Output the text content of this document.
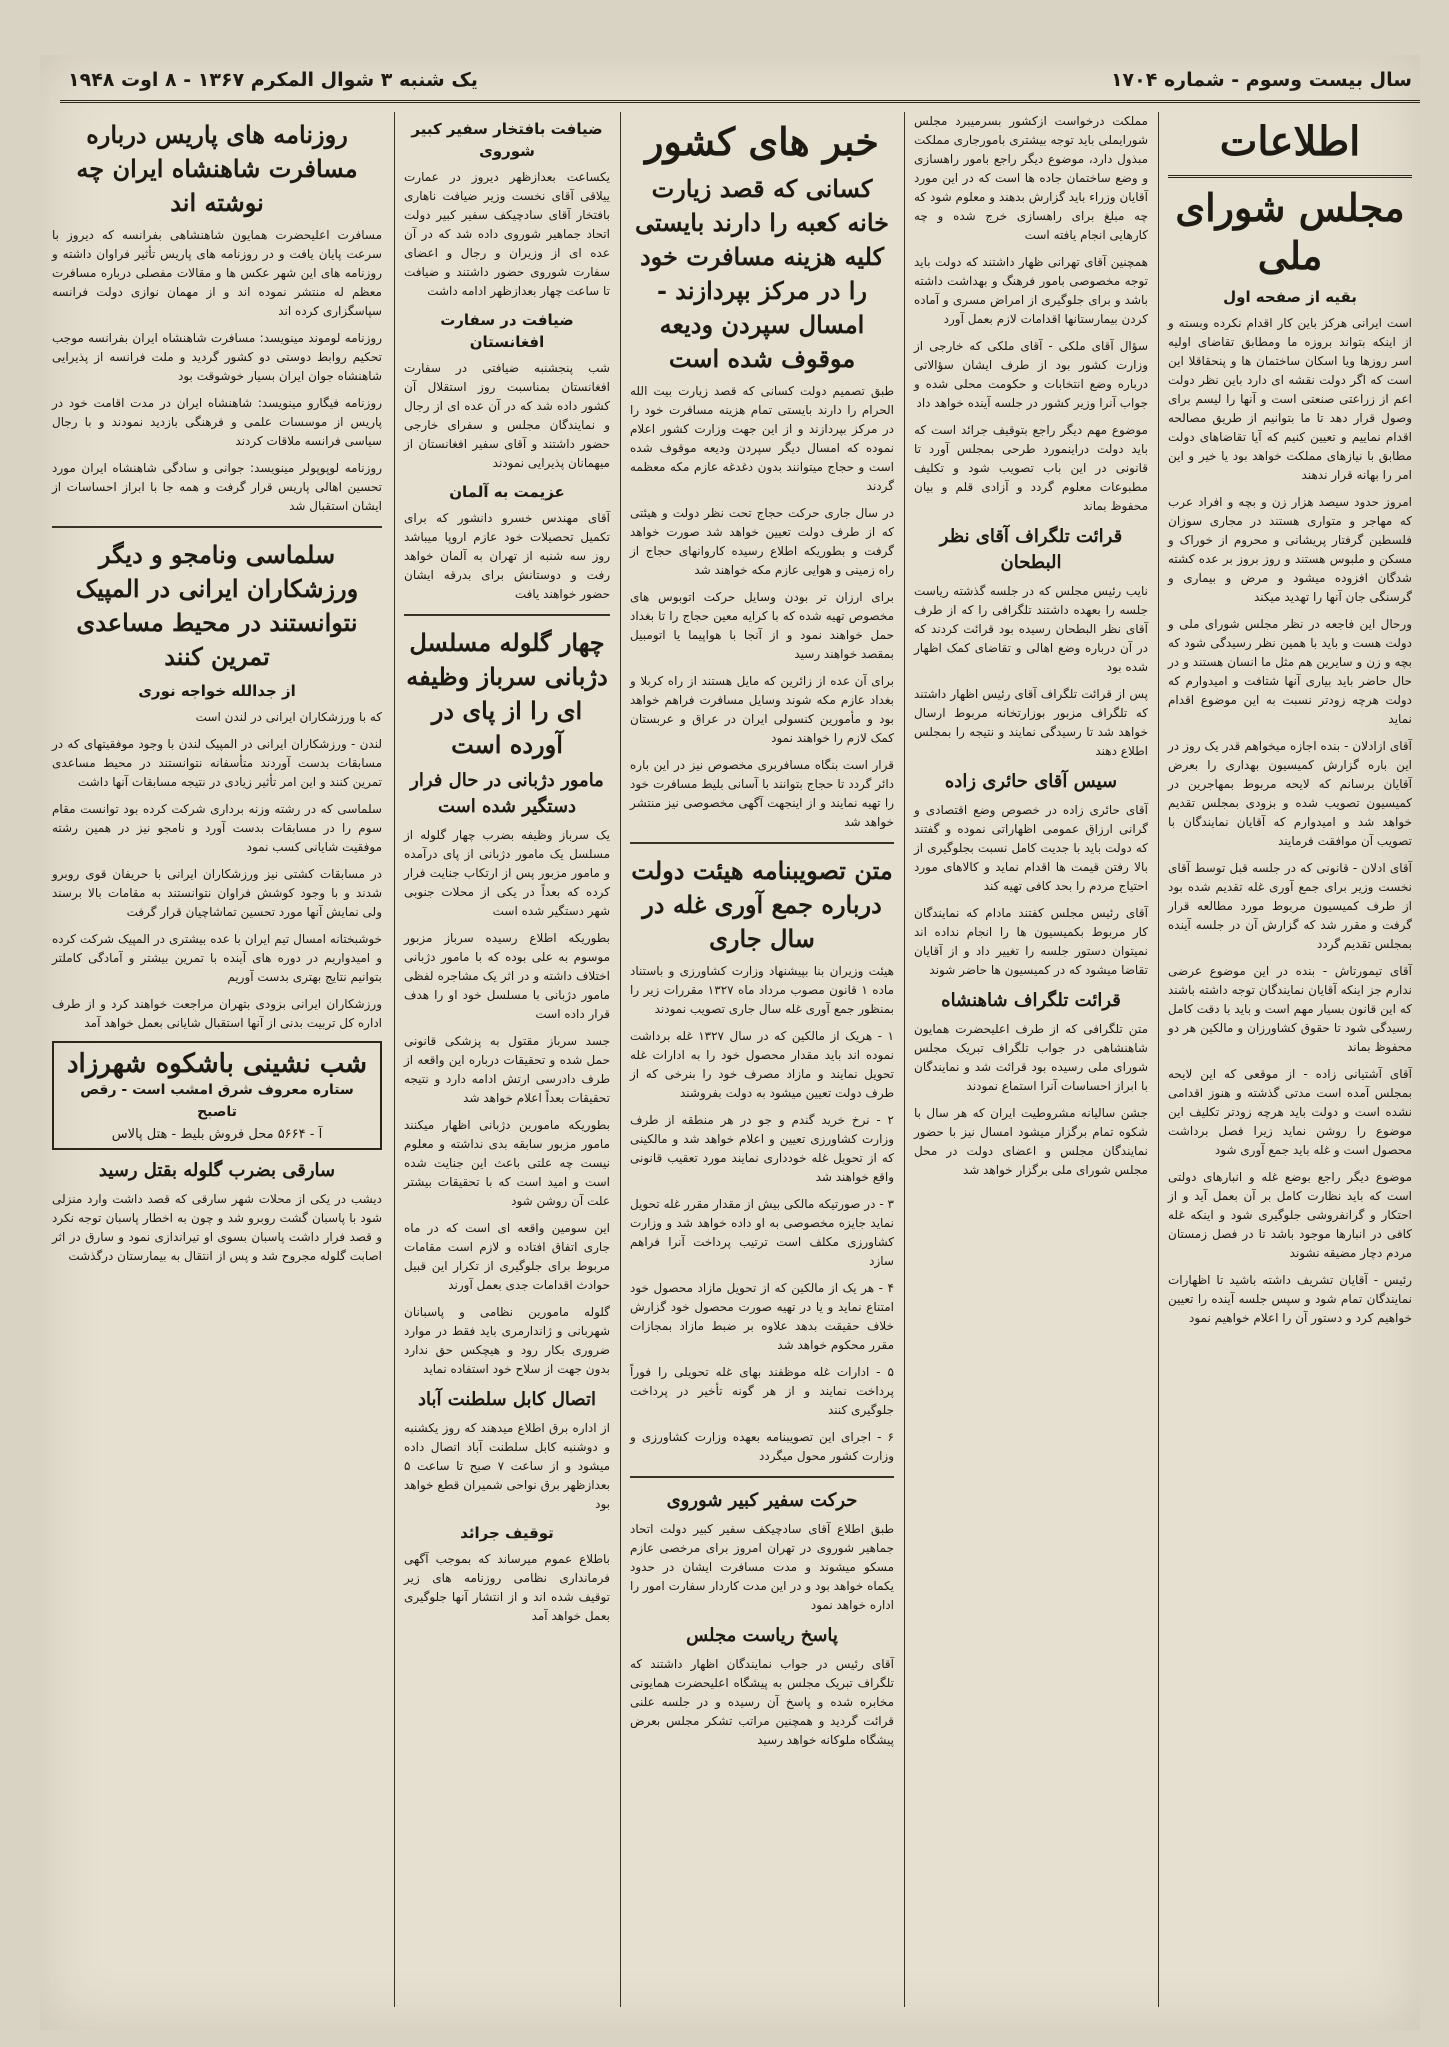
سال بیست وسوم - شماره ۱۷۰۴
یک شنبه ۳ شوال المکرم ۱۳۶۷ - ۸ اوت ۱۹۴۸
اطلاعات
مجلس شورای ملی
بقیه از صفحه اول

است ایرانی هرکز باین کار اقدام نکرده وبسته و از اینکه بتواند بروزه ما ومطابق تقاضای اولیه اسر روزها ویا اسکان ساختمان ها و پنحقاقلا این است که اگر دولت نقشه ای دارد باین نظر دولت اعم از زراعتی صنعتی است و آنها را لیسم برای وصول قرار دهد تا ما بتوانیم از طریق مصالحه اقدام نماییم و تعیین کنیم که آیا تقاضاهای دولت مطابق با نیازهای مملکت خواهد بود یا خیر و این امر را بهانه قرار ندهند

امروز حدود سیصد هزار زن و بچه و افراد عرب که مهاجر و متواری هستند در مجاری سوزان فلسطین گرفتار پریشانی و محروم از خوراک و مسکن و ملبوس هستند و روز بروز بر عده کشته شدگان افزوده میشود و مرض و بیماری و گرسنگی جان آنها را تهدید میکند

ورحال این فاجعه در نظر مجلس شورای ملی و دولت هست و باید با همین نظر رسیدگی شود که بچه و زن و سایرین هم مثل ما انسان هستند و در حال حاضر باید بیاری آنها شتافت و امیدوارم که دولت هرچه زودتر نسبت به این موضوع اقدام نماید

آقای ازادلان - بنده اجازه میخواهم قدر یک روز در این باره گزارش کمیسیون بهداری را بعرض آقایان برسانم که لایحه مربوط بمهاجرین در کمیسیون تصویب شده و بزودی بمجلس تقدیم خواهد شد و امیدوارم که آقایان نمایندگان با تصویب آن موافقت فرمایند

آقای ادلان - قانونی که در جلسه قبل توسط آقای نخست وزیر برای جمع آوری غله تقدیم شده بود از طرف کمیسیون مربوط مورد مطالعه قرار گرفت و مقرر شد که گزارش آن در جلسه آینده بمجلس تقدیم گردد

آقای تیمورتاش - بنده در این موضوع عرضی ندارم جز اینکه آقایان نمایندگان توجه داشته باشند که این قانون بسیار مهم است و باید با دقت کامل رسیدگی شود تا حقوق کشاورزان و مالکین هر دو محفوظ بماند

آقای آشتیانی زاده - از موقعی که این لایحه بمجلس آمده است مدتی گذشته و هنوز اقدامی نشده است و دولت باید هرچه زودتر تکلیف این موضوع را روشن نماید زیرا فصل برداشت محصول است و غله باید جمع آوری شود

موضوع دیگر راجع بوضع غله و انبارهای دولتی است که باید نظارت کامل بر آن بعمل آید و از احتکار و گرانفروشی جلوگیری شود و اینکه غله کافی در انبارها موجود باشد تا در فصل زمستان مردم دچار مضیقه نشوند

رئیس - آقایان تشریف داشته باشید تا اظهارات نمایندگان تمام شود و سپس جلسه آینده را تعیین خواهیم کرد و دستور آن را اعلام خواهیم نمود

مملکت درخواست ازکشور بسرمیبرد مجلس شورایملی باید توجه بیشتری بامورجاری مملکت مبذول دارد، موضوع دیگر راجع بامور راهسازی و وضع ساختمان جاده ها است که در این مورد آقایان وزراء باید گزارش بدهند و معلوم شود که چه مبلغ برای راهسازی خرج شده و چه کارهایی انجام یافته است

همچنین آقای تهرانی ظهار داشتند که دولت باید توجه مخصوصی بامور فرهنگ و بهداشت داشته باشد و برای جلوگیری از امراض مسری و آماده کردن بیمارستانها اقدامات لازم بعمل آورد

سؤال آقای ملکی - آقای ملکی که خارجی از وزارت کشور بود از طرف ایشان سؤالاتی درباره وضع انتخابات و حکومت محلی شده و جواب آنرا وزیر کشور در جلسه آینده خواهد داد

موضوع مهم دیگر راجع بتوقیف جرائد است که باید دولت دراینمورد طرحی بمجلس آورد تا قانونی در این باب تصویب شود و تکلیف مطبوعات معلوم گردد و آزادی قلم و بیان محفوظ بماند

قرائت تلگراف آقای نظر البطحان

نایب رئیس مجلس که در جلسه گذشته ریاست جلسه را بعهده داشتند تلگرافی را که از طرف آقای نظر البطحان رسیده بود قرائت کردند که در آن درباره وضع اهالی و تقاضای کمک اظهار شده بود

پس از قرائت تلگراف آقای رئیس اظهار داشتند که تلگراف مزبور بوزارتخانه مربوط ارسال خواهد شد تا رسیدگی نمایند و نتیجه را بمجلس اطلاع دهند

سیس آقای حائری زاده

آقای حائری زاده در خصوص وضع اقتصادی و گرانی ارزاق عمومی اظهاراتی نموده و گفتند که دولت باید با جدیت کامل نسبت بجلوگیری از بالا رفتن قیمت ها اقدام نماید و کالاهای مورد احتیاج مردم را بحد کافی تهیه کند

آقای رئیس مجلس کفتند مادام که نمایندگان کار مربوط بکمیسیون ها را انجام نداده اند نمیتوان دستور جلسه را تغییر داد و از آقایان تقاضا میشود که در کمیسیون ها حاضر شوند

قرائت تلگراف شاهنشاه

متن تلگرافی که از طرف اعلیحضرت همایون شاهنشاهی در جواب تلگراف تبریک مجلس شورای ملی رسیده بود قرائت شد و نمایندگان با ابراز احساسات آنرا استماع نمودند

جشن سالیانه مشروطیت ایران که هر سال با شکوه تمام برگزار میشود امسال نیز با حضور نمایندگان مجلس و اعضای دولت در محل مجلس شورای ملی برگزار خواهد شد

خبر های کشور
کسانی که قصد زیارت خانه کعبه را دارند بایستی کلیه هزینه مسافرت خود را در مرکز بپردازند - امسال سپردن ودیعه موقوف شده است

طبق تصمیم دولت کسانی که قصد زیارت بیت الله الحرام را دارند بایستی تمام هزینه مسافرت خود را در مرکز بپردازند و از این جهت وزارت کشور اعلام نموده که امسال دیگر سپردن ودیعه موقوف شده است و حجاج میتوانند بدون دغدغه عازم مکه معظمه گردند

در سال جاری حرکت حجاج تحت نظر دولت و هیئتی که از طرف دولت تعیین خواهد شد صورت خواهد گرفت و بطوریکه اطلاع رسیده کاروانهای حجاج از راه زمینی و هوایی عازم مکه خواهند شد

برای ارزان تر بودن وسایل حرکت اتوبوس های مخصوص تهیه شده که با کرایه معین حجاج را تا بغداد حمل خواهند نمود و از آنجا با هواپیما یا اتومبیل بمقصد خواهند رسید

برای آن عده از زائرین که مایل هستند از راه کربلا و بغداد عازم مکه شوند وسایل مسافرت فراهم خواهد بود و مأمورین کنسولی ایران در عراق و عربستان کمک لازم را خواهند نمود

قرار است بنگاه مسافربری مخصوص نیز در این باره دائر گردد تا حجاج بتوانند با آسانی بلیط مسافرت خود را تهیه نمایند و از اینجهت آگهی مخصوصی نیز منتشر خواهد شد

متن تصویبنامه هیئت دولت درباره جمع آوری غله در سال جاری

هیئت وزیران بنا بپیشنهاد وزارت کشاورزی و باستناد ماده ۱ قانون مصوب مرداد ماه ۱۳۲۷ مقررات زیر را بمنظور جمع آوری غله سال جاری تصویب نمودند

۱ - هریک از مالکین که در سال ۱۳۲۷ غله برداشت نموده اند باید مقدار محصول خود را به ادارات غله تحویل نمایند و مازاد مصرف خود را بنرخی که از طرف دولت تعیین میشود به دولت بفروشند

۲ - نرخ خرید گندم و جو در هر منطقه از طرف وزارت کشاورزی تعیین و اعلام خواهد شد و مالکینی که از تحویل غله خودداری نمایند مورد تعقیب قانونی واقع خواهند شد

۳ - در صورتیکه مالکی بیش از مقدار مقرر غله تحویل نماید جایزه مخصوصی به او داده خواهد شد و وزارت کشاورزی مکلف است ترتیب پرداخت آنرا فراهم سازد

۴ - هر یک از مالکین که از تحویل مازاد محصول خود امتناع نماید و یا در تهیه صورت محصول خود گزارش خلاف حقیقت بدهد علاوه بر ضبط مازاد بمجازات مقرر محکوم خواهد شد

۵ - ادارات غله موظفند بهای غله تحویلی را فوراً پرداخت نمایند و از هر گونه تأخیر در پرداخت جلوگیری کنند

۶ - اجرای این تصویبنامه بعهده وزارت کشاورزی و وزارت کشور محول میگردد

حرکت سفیر کبیر شوروی

طبق اطلاع آقای سادچیکف سفیر کبیر دولت اتحاد جماهیر شوروی در تهران امروز برای مرخصی عازم مسکو میشوند و مدت مسافرت ایشان در حدود یکماه خواهد بود و در این مدت کاردار سفارت امور را اداره خواهد نمود

پاسخ ریاست مجلس

آقای رئیس در جواب نمایندگان اظهار داشتند که تلگراف تبریک مجلس به پیشگاه اعلیحضرت همایونی مخابره شده و پاسخ آن رسیده و در جلسه علنی قرائت گردید و همچنین مراتب تشکر مجلس بعرض پیشگاه ملوکانه خواهد رسید

ضیافت بافتخار سفیر کبیر شوروی

یکساعت بعدازظهر دیروز در عمارت ییلاقی آقای نخست وزیر ضیافت ناهاری بافتخار آقای سادچیکف سفیر کبیر دولت اتحاد جماهیر شوروی داده شد که در آن عده ای از وزیران و رجال و اعضای سفارت شوروی حضور داشتند و ضیافت تا ساعت چهار بعدازظهر ادامه داشت

ضیافت در سفارت افغانستان

شب پنجشنبه ضیافتی در سفارت افغانستان بمناسبت روز استقلال آن کشور داده شد که در آن عده ای از رجال و نمایندگان مجلس و سفرای خارجی حضور داشتند و آقای سفیر افغانستان از میهمانان پذیرایی نمودند

عزیمت به آلمان

آقای مهندس خسرو دانشور که برای تکمیل تحصیلات خود عازم اروپا میباشد روز سه شنبه از تهران به آلمان خواهد رفت و دوستانش برای بدرقه ایشان حضور خواهند یافت

چهار گلوله مسلسل دژبانی سرباز وظیفه ای را از پای در آورده است
مامور دژبانی در حال فرار دستگیر شده است

یک سرباز وظیفه بضرب چهار گلوله از مسلسل یک مامور دژبانی از پای درآمده و مامور مزبور پس از ارتکاب جنایت فرار کرده که بعداً در یکی از محلات جنوبی شهر دستگیر شده است

بطوریکه اطلاع رسیده سرباز مزبور موسوم به علی بوده که با مامور دژبانی اختلاف داشته و در اثر یک مشاجره لفظی مامور دژبانی با مسلسل خود او را هدف قرار داده است

جسد سرباز مقتول به پزشکی قانونی حمل شده و تحقیقات درباره این واقعه از طرف دادرسی ارتش ادامه دارد و نتیجه تحقیقات بعداً اعلام خواهد شد

بطوریکه مامورین دژبانی اظهار میکنند مامور مزبور سابقه بدی نداشته و معلوم نیست چه علتی باعث این جنایت شده است و امید است که با تحقیقات بیشتر علت آن روشن شود

این سومین واقعه ای است که در ماه جاری اتفاق افتاده و لازم است مقامات مربوط برای جلوگیری از تکرار این قبیل حوادث اقدامات جدی بعمل آورند

گلوله مامورین نظامی و پاسبانان شهربانی و ژاندارمری باید فقط در موارد ضروری بکار رود و هیچکس حق ندارد بدون جهت از سلاح خود استفاده نماید

اتصال کابل سلطنت آباد

از اداره برق اطلاع میدهند که روز یکشنبه و دوشنبه کابل سلطنت آباد اتصال داده میشود و از ساعت ۷ صبح تا ساعت ۵ بعدازظهر برق نواحی شمیران قطع خواهد بود

توقیف جرائد

باطلاع عموم میرساند که بموجب آگهی فرمانداری نظامی روزنامه های زیر توقیف شده اند و از انتشار آنها جلوگیری بعمل خواهد آمد

روزنامه های پاریس درباره مسافرت شاهنشاه ایران چه نوشته اند

مسافرت اعلیحضرت همایون شاهنشاهی بفرانسه که دیروز با سرعت پایان یافت و در روزنامه های پاریس تأثیر فراوان داشته و روزنامه های این شهر عکس ها و مقالات مفصلی درباره مسافرت معظم له منتشر نموده اند و از مهمان نوازی دولت فرانسه سپاسگزاری کرده اند

روزنامه لوموند مینویسد: مسافرت شاهنشاه ایران بفرانسه موجب تحکیم روابط دوستی دو کشور گردید و ملت فرانسه از پذیرایی شاهنشاه جوان ایران بسیار خوشوقت بود

روزنامه فیگارو مینویسد: شاهنشاه ایران در مدت اقامت خود در پاریس از موسسات علمی و فرهنگی بازدید نمودند و با رجال سیاسی فرانسه ملاقات کردند

روزنامه لوپوپولر مینویسد: جوانی و سادگی شاهنشاه ایران مورد تحسین اهالی پاریس قرار گرفت و همه جا با ابراز احساسات از ایشان استقبال شد

سلماسی ونامجو و دیگر ورزشکاران ایرانی در المپیک نتوانستند در محیط مساعدی تمرین کنند
از جدالله خواجه نوری

که با ورزشکاران ایرانی در لندن است

لندن - ورزشکاران ایرانی در المپیک لندن با وجود موفقیتهای که در مسابقات بدست آوردند متأسفانه نتوانستند در محیط مساعدی تمرین کنند و این امر تأثیر زیادی در نتیجه مسابقات آنها داشت

سلماسی که در رشته وزنه برداری شرکت کرده بود توانست مقام سوم را در مسابقات بدست آورد و نامجو نیز در همین رشته موفقیت شایانی کسب نمود

در مسابقات کشتی نیز ورزشکاران ایرانی با حریفان قوی روبرو شدند و با وجود کوشش فراوان نتوانستند به مقامات بالا برسند ولی نمایش آنها مورد تحسین تماشاچیان قرار گرفت

خوشبختانه امسال تیم ایران با عده بیشتری در المپیک شرکت کرده و امیدواریم در دوره های آینده با تمرین بیشتر و آمادگی کاملتر بتوانیم نتایج بهتری بدست آوریم

ورزشکاران ایرانی بزودی بتهران مراجعت خواهند کرد و از طرف اداره کل تربیت بدنی از آنها استقبال شایانی بعمل خواهد آمد

شب نشینی باشکوه شهرزاد
ستاره معروف شرق امشب است - رقص تاصبح
آ - ۵۶۶۴ محل فروش بلیط - هتل پالاس
سارقی بضرب گلوله بقتل رسید

دیشب در یکی از محلات شهر سارقی که قصد داشت وارد منزلی شود با پاسبان گشت روبرو شد و چون به اخطار پاسبان توجه نکرد و قصد فرار داشت پاسبان بسوی او تیراندازی نمود و سارق در اثر اصابت گلوله مجروح شد و پس از انتقال به بیمارستان درگذشت
